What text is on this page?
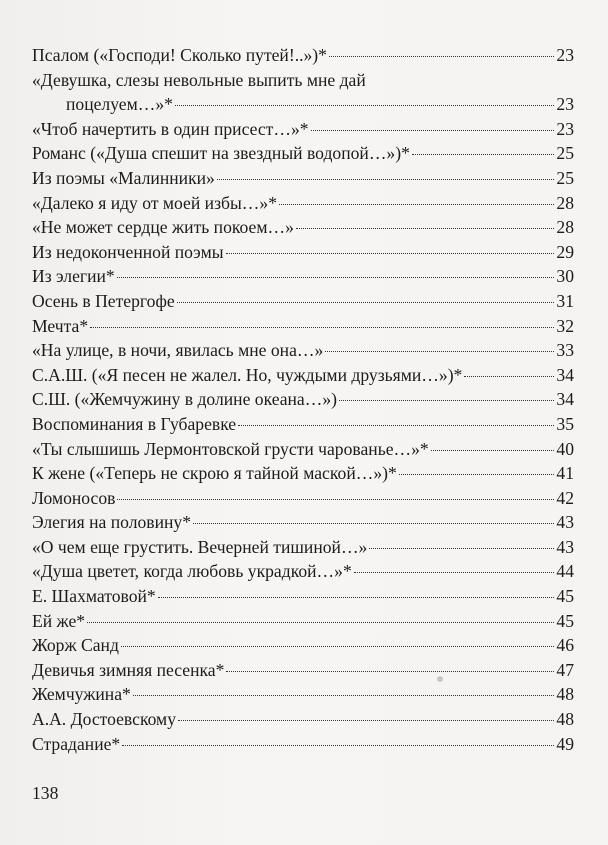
Псалом («Господи! Сколько путей!..»)*	23
«Девушка, слезы невольные выпить мне дай
поцелуем…»*	23
«Чтоб начертить в один присест…»*	23
Романс («Душа спешит на звездный водопой…»)*	25
Из поэмы «Малинники»	25
«Далеко я иду от моей избы…»*	28
«Не может сердце жить покоем…»	28
Из недоконченной поэмы	29
Из элегии*	30
Осень в Петергофе	31
Мечта*	32
«На улице, в ночи, явилась мне она…»	33
С.А.Ш. («Я песен не жалел. Но, чуждыми друзьями…»)*	34
С.Ш. («Жемчужину в долине океана…»)	34
Воспоминания в Губаревке	35
«Ты слышишь Лермонтовской грусти чарованье…»*	40
К жене («Теперь не скрою я тайной маской…»)*	41
Ломоносов	42
Элегия на половину*	43
«О чем еще грустить. Вечерней тишиной…»	43
«Душа цветет, когда любовь украдкой…»*	44
Е. Шахматовой*	45
Ей же*	45
Жорж Санд	46
Девичья зимняя песенка*	47
Жемчужина*	48
А.А. Достоевскому	48
Страдание*	49
138
